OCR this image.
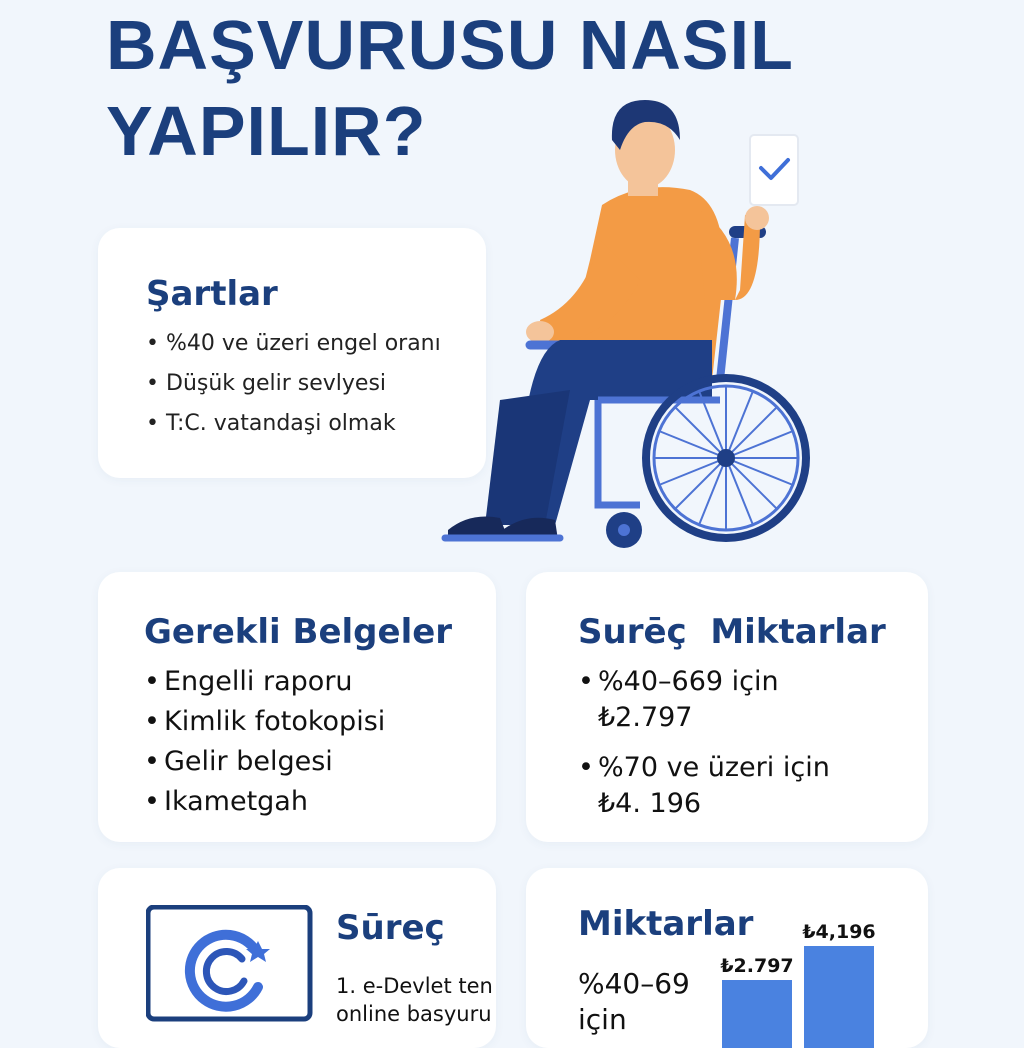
BAŞVURUSU NASIL
YAPILIR?
Şartlar
• %40 ve üzeri engel oranı
• Düşük gelir sevlyesi
• T:C. vatandaşi olmak
Gerekli Belgeler
• Engelli raporu
• Kimlik fotokopisi
• Gelir belgesi
• Ikametgah
Surēç  Miktarlar
• %40–669 için ₺2.797
• %70 ve üzeri için ₺4. 196
Sūreç
1. e-Devlet ten online basyuru
Miktarlar
%40–69 için
₺2.797
₺4,196
